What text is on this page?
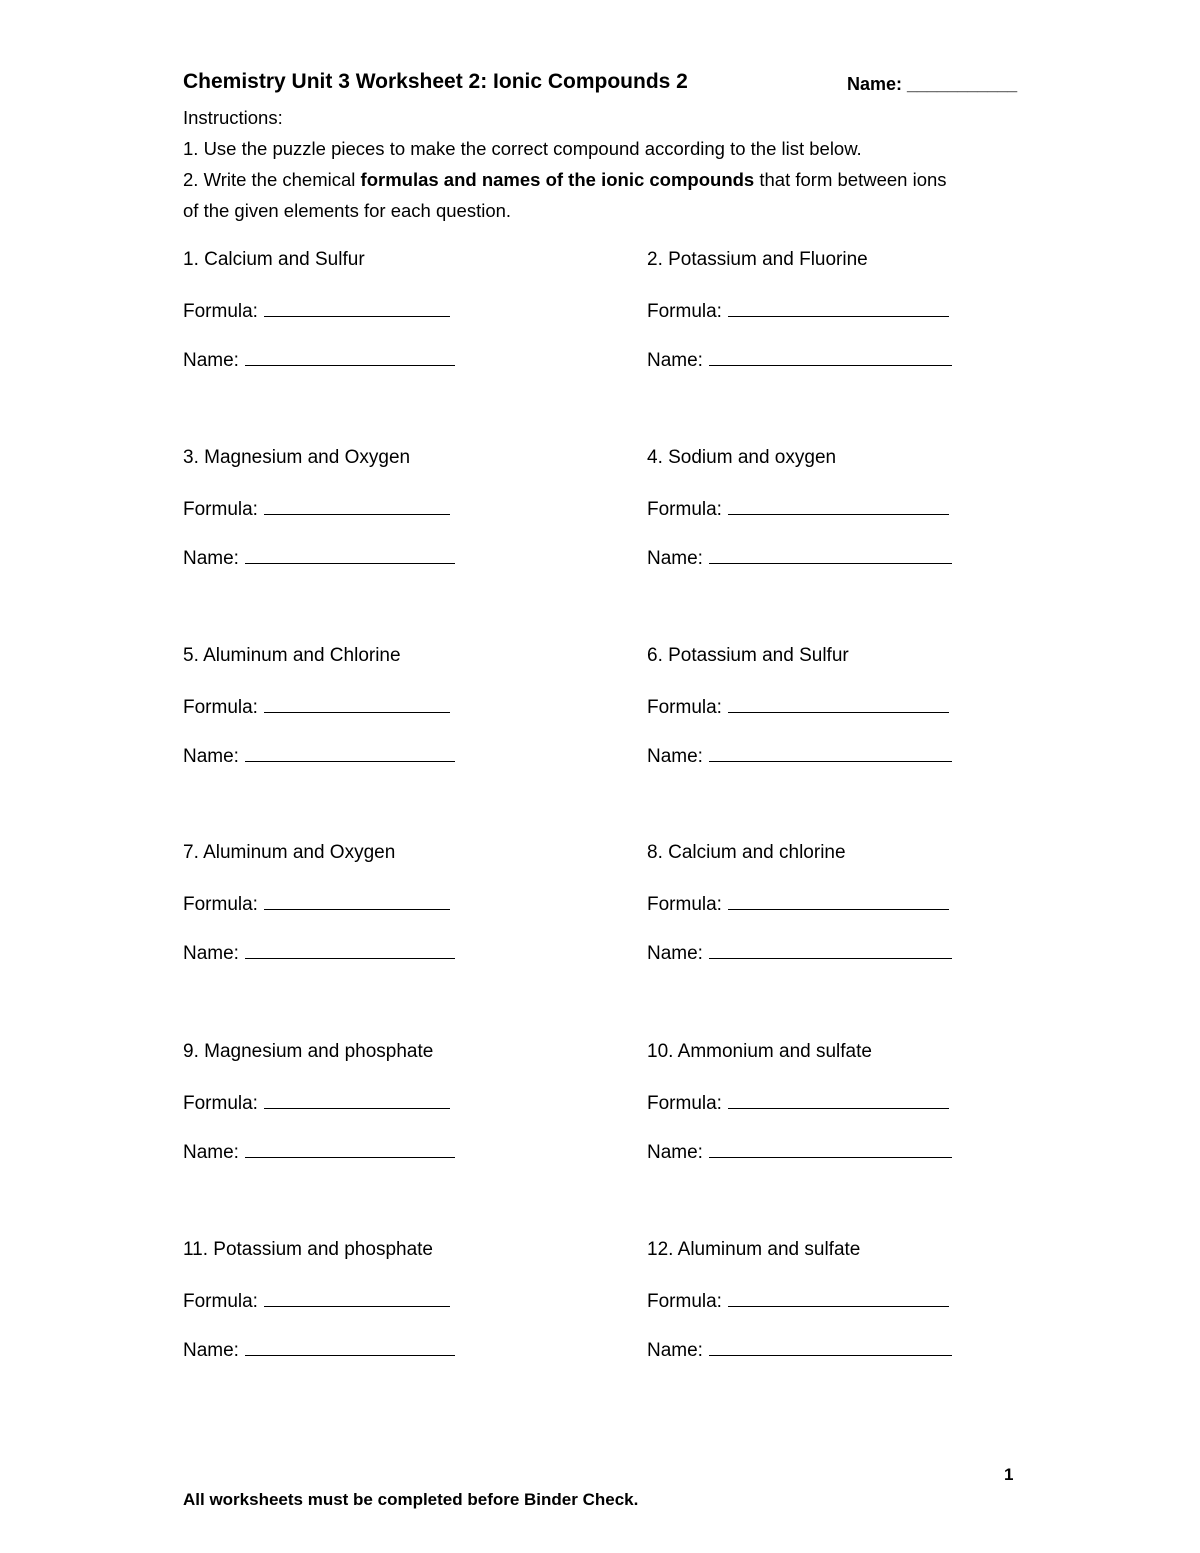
Chemistry Unit 3 Worksheet 2: Ionic Compounds 2	Name: ___________
Instructions:
1. Use the puzzle pieces to make the correct compound according to the list below.
2. Write the chemical formulas and names of the ionic compounds that form between ions
of the given elements for each question.
1. Calcium and Sulfur
Formula:
Name:
2. Potassium and Fluorine
Formula:
Name:
3. Magnesium and Oxygen
Formula:
Name:
4. Sodium and oxygen
Formula:
Name:
5. Aluminum and Chlorine
Formula:
Name:
6. Potassium and Sulfur
Formula:
Name:
7. Aluminum and Oxygen
Formula:
Name:
8. Calcium and chlorine
Formula:
Name:
9. Magnesium and phosphate
Formula:
Name:
10. Ammonium and sulfate
Formula:
Name:
11. Potassium and phosphate
Formula:
Name:
12. Aluminum and sulfate
Formula:
Name:
1
All worksheets must be completed before Binder Check.
